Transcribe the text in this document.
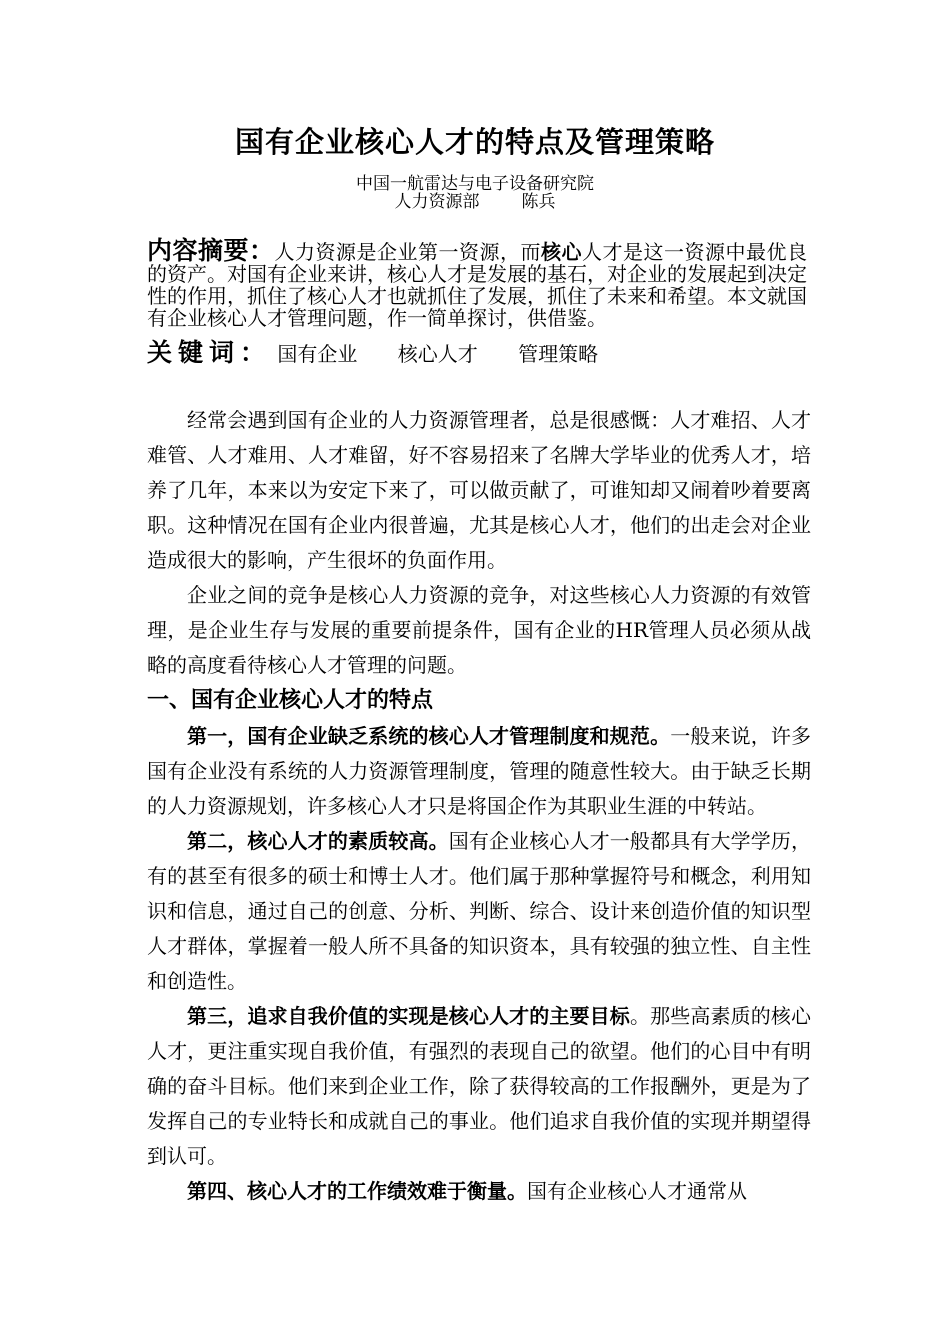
国有企业核心人才的特点及管理策略
中国一航雷达与电子设备研究院
人力资源部 陈兵
内容摘要：人力资源是企业第一资源，而核心人才是这一资源中最优良的资产。对国有企业来讲，核心人才是发展的基石，对企业的发展起到决定性的作用，抓住了核心人才也就抓住了发展，抓住了未来和希望。本文就国有企业核心人才管理问题，作一简单探讨，供借鉴。
关键词： 国有企业 核心人才 管理策略

经常会遇到国有企业的人力资源管理者，总是很感慨：人才难招、人才难管、人才难用、人才难留，好不容易招来了名牌大学毕业的优秀人才，培养了几年，本来以为安定下来了，可以做贡献了，可谁知却又闹着吵着要离职。这种情况在国有企业内很普遍，尤其是核心人才，他们的出走会对企业造成很大的影响，产生很坏的负面作用。

企业之间的竞争是核心人力资源的竞争，对这些核心人力资源的有效管理，是企业生存与发展的重要前提条件，国有企业的HR管理人员必须从战略的高度看待核心人才管理的问题。

一、国有企业核心人才的特点

第一，国有企业缺乏系统的核心人才管理制度和规范。一般来说，许多国有企业没有系统的人力资源管理制度，管理的随意性较大。由于缺乏长期的人力资源规划，许多核心人才只是将国企作为其职业生涯的中转站。

第二，核心人才的素质较高。国有企业核心人才一般都具有大学学历，有的甚至有很多的硕士和博士人才。他们属于那种掌握符号和概念，利用知识和信息，通过自己的创意、分析、判断、综合、设计来创造价值的知识型人才群体，掌握着一般人所不具备的知识资本，具有较强的独立性、自主性和创造性。

第三，追求自我价值的实现是核心人才的主要目标。那些高素质的核心人才，更注重实现自我价值，有强烈的表现自己的欲望。他们的心目中有明确的奋斗目标。他们来到企业工作，除了获得较高的工作报酬外，更是为了发挥自己的专业特长和成就自己的事业。他们追求自我价值的实现并期望得到认可。

第四、核心人才的工作绩效难于衡量。国有企业核心人才通常从
